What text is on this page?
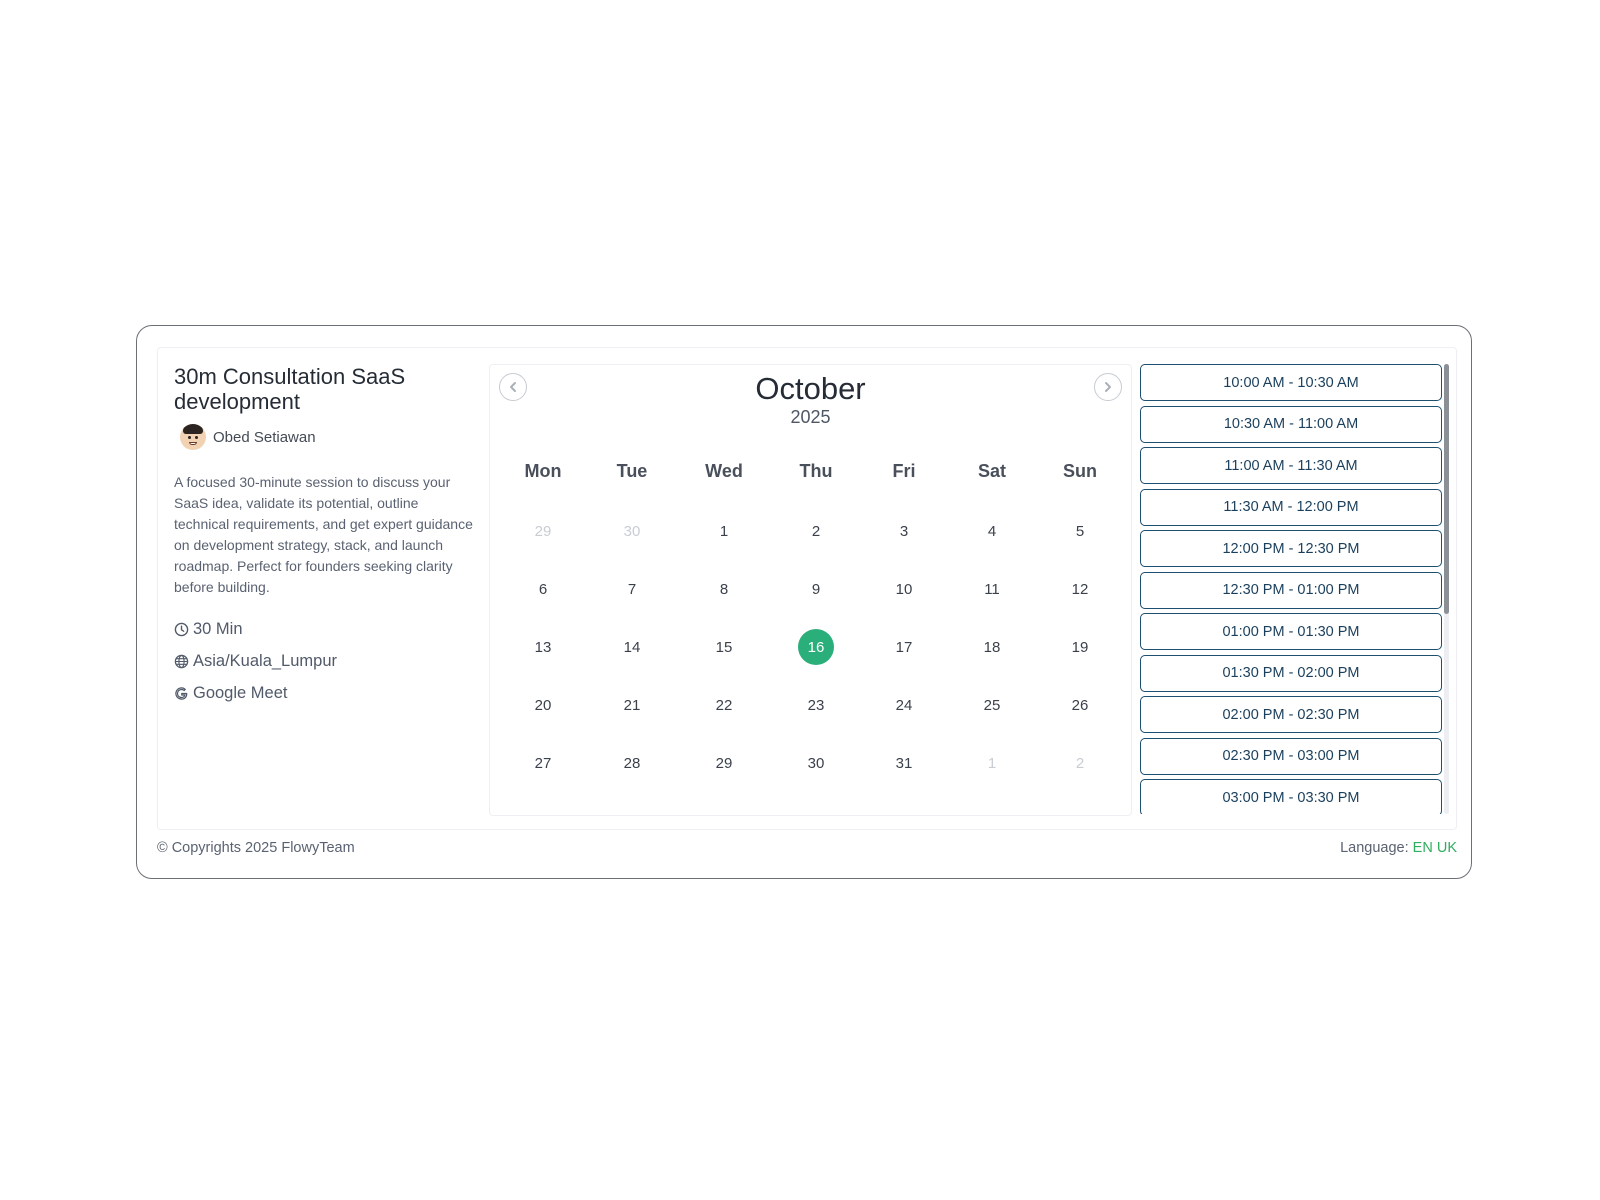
30m Consultation SaaS development
Obed Setiawan
A focused 30-minute session to discuss your SaaS idea, validate its potential, outline technical requirements, and get expert guidance on development strategy, stack, and launch roadmap. Perfect for founders seeking clarity before building.
30 Min
Asia/Kuala_Lumpur
Google Meet
October
2025
Mon	Tue	Wed	Thu	Fri	Sat	Sun
29	30	1	2	3	4	5
6	7	8	9	10	11	12
13	14	15	16	17	18	19
20	21	22	23	24	25	26
27	28	29	30	31	1	2
10:00 AM - 10:30 AM
10:30 AM - 11:00 AM
11:00 AM - 11:30 AM
11:30 AM - 12:00 PM
12:00 PM - 12:30 PM
12:30 PM - 01:00 PM
01:00 PM - 01:30 PM
01:30 PM - 02:00 PM
02:00 PM - 02:30 PM
02:30 PM - 03:00 PM
03:00 PM - 03:30 PM
© Copyrights 2025 FlowyTeam	Language: EN UK
